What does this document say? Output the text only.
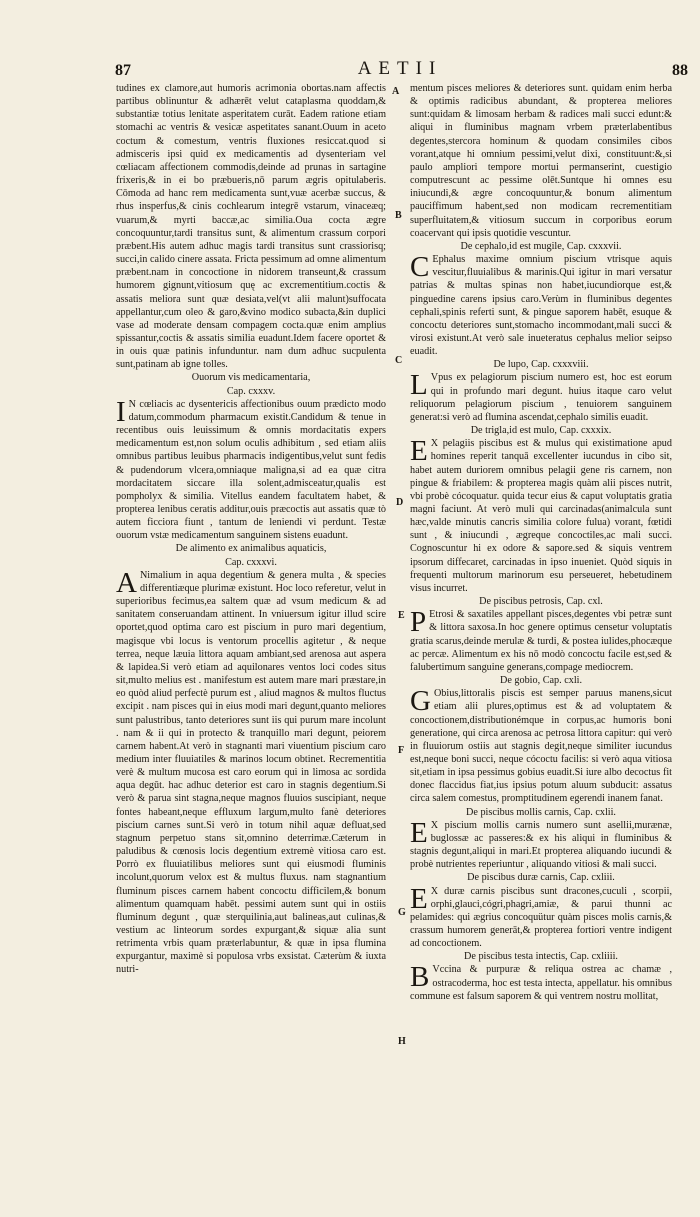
87	AETII	88
A
B
C
D
E
F
G
H

tudines ex clamore,aut humoris acrimonia obortas.nam affectis partibus oblinuntur & adhærēt velut cataplasma quoddam,& substantiæ totius lenitate asperitatem curāt. Eadem ratione etiam stomachi ac ventris & vesicæ aspetitates sanant.Ouum in aceto coctum & comestum, ventris fluxiones resiccat.quod si admisceris ipsi quid ex medicamentis ad dysenteriam vel cœliacam affectionem commodis,deinde ad prunas in sartagine frixeris,& in ei bo præbueris,nō parum ægris opitulaberis. Cōmoda ad hanc rem medicamenta sunt,vuæ acerbæ succus, & rhus insperfus,& cinis cochlearum integrē vstarum, vinaceæq; vuarum,& myrti baccæ,ac similia.Oua cocta ægre concoquuntur,tardi transitus sunt, & alimentum crassum corpori præbent.His autem adhuc magis tardi transitus sunt crassiorisq; succi,in calido cinere assata. Fricta pessimum ad omne alimentum præbent.nam in concoctione in nidorem transeunt,& crassum humorem gignunt,vitiosum quę ac excrementitium.coctis & assatis meliora sunt quæ desiata,vel(vt alii malunt)suffocata appellantur,cum oleo & garo,&vino modico subacta,&in duplici vase ad moderate densam compagem cocta.quæ enim amplius spissantur,coctis & assatis similia euadunt.Idem facere oportet & in ouis quæ patinis infunduntur. nam dum adhuc sucpulenta sunt,patinam ab igne tolles.

Ouorum vis medicamentaria,

Cap. cxxxv.

I N cœliacis ac dysentericis affectionibus ouum prædicto modo datum,commodum pharmacum existit.Candidum & tenue in recentibus ouis leuissimum & omnis mordacitatis expers medicamentum est,non solum oculis adhibitum , sed etiam aliis omnibus partibus leuibus pharmacis indigentibus,velut sunt fedis & pudendorum vlcera,omniaque maligna,si ad ea quæ citra mordacitatem siccare illa solent,admisceatur,qualis est pompholyx & similia. Vitellus eandem facultatem habet, & propterea lenibus ceratis additur,ouis præcoctis aut assatis quæ tò autem ficciora fiunt , tantum de leniendi vi perdunt. Testæ ouorum vstæ medicamentum sanguinem sistens euadunt.

De alimento ex animalibus aquaticis,

Cap. cxxxvi.

A Nimalium in aqua degentium & genera multa , & species differentiæque plurimæ existunt. Hoc loco referetur, velut in superioribus fecimus,ea saltem quæ ad vsum medicum & ad sanitatem conseruandam attinent. In vniuersum igitur illud scire oportet,quod optima caro est piscium in puro mari degentium, magisque vbi locus is ventorum procellis agitetur , & neque terrea, neque læuia littora aquam ambiant,sed arenosa aut aspera & lapidea.Si verò etiam ad aquilonares ventos loci codes situs sit,multo melius est . manifestum est autem mare mari præstare,in eo quòd aliud perfectè purum est , aliud magnos & multos fluctus excipit . nam pisces qui in eius modi mari degunt,quanto meliores sunt palustribus, tanto deteriores sunt iis qui purum mare incolunt . nam & ii qui in protecto & tranquillo mari degunt, peiorem carnem habent.At verò in stagnanti mari viuentium piscium caro medium inter fluuiatiles & marinos locum obtinet. Recrementitia verè & multum mucosa est caro eorum qui in limosa ac sordida aqua degūt. hac adhuc deterior est caro in stagnis degentium.Si verò & parua sint stagna,neque magnos fluuios suscipiant, neque fontes habeant,neque effluxum largum,multo fanè deteriores piscium carnes sunt.Si verò in totum nihil aquæ defluat,sed stagnum perpetuo stans sit,omnino deterrimæ.Cæterum in paludibus & cœnosis locis degentium extremè vitiosa caro est. Porrò ex fluuiatilibus meliores sunt qui eiusmodi fluminis incolunt,quorum velox est & multus fluxus. nam stagnantium fluminum pisces carnem habent concoctu difficilem,& bonum alimentum quamquam habēt. pessimi autem sunt qui in ostiis fluminum degunt , quæ sterquilinia,aut balineas,aut culinas,& vestium ac linteorum sordes expurgant,& siquæ alia sunt retrimenta vrbis quam præterlabuntur, & quæ in ipsa flumina expurgantur, maximè si populosa vrbs exsistat. Cæterùm & iuxta nutri-

mentum pisces meliores & deteriores sunt. quidam enim herba & optimis radicibus abundant, & propterea meliores sunt:quidam & limosam herbam & radices mali succi edunt:& aliqui in fluminibus magnam vrbem præterlabentibus degentes,stercora hominum & quodam consimiles cibos vorant,atque hi omnium pessimi,velut dixi, constituunt:&,si paulo ampliori tempore mortui permanserint, cuestigio computrescunt ac pessime olēt.Suntque hi omnes esu iniucundi,& ægre concoquuntur,& bonum alimentum pauciffimum habent,sed non modicam recrementitiam superfluitatem,& vitiosum succum in corporibus eorum coacervant qui ipsis quotidie vescuntur.

De cephalo,id est mugile, Cap. cxxxvii.

C Ephalus maxime omnium piscium vtrisque aquis vescitur,fluuialibus & marinis.Qui igitur in mari versatur patrias & multas spinas non habet,iucundiorque est,& pinguedine carens ipsius caro.Verùm in fluminibus degentes cephali,spinis referti sunt, & pingue saporem habēt, esuque & concoctu deteriores sunt,stomacho incommodant,mali succi & virosi existunt.At verò sale inueteratus cephalus melior seipso euadit.

De lupo, Cap. cxxxviii.

L Vpus ex pelagiorum piscium numero est, hoc est eorum qui in profundo mari degunt. huius itaque caro velut reliquorum pelagiorum piscium , tenuiorem sanguinem generat:si verò ad flumina ascendat,cephalo similis euadit.

De trigla,id est mulo, Cap. cxxxix.

E X pelagiis piscibus est & mulus qui existimatione apud homines reperit tanquā excellenter iucundus in cibo sit, habet autem duriorem omnibus pelagii gene ris carnem, non pingue & friabilem: & propterea magis quàm alii pisces nutrit, vbi probè cócoquatur. quida tecur eius & caput voluptatis gratia magni faciunt. At verò muli qui carcinadas(animalcula sunt hæc,valde minutis cancris similia colore fulua) vorant, fœtidi sunt , & iniucundi , ægreque concoctiles,ac mali succi. Cognoscuntur hi ex odore & sapore.sed & siquis ventrem ipsorum diffecaret, carcinadas in ipso inueniet. Quòd siquis in frequenti multorum marinorum esu perseueret, hebetudinem visus incurret.

De piscibus petrosis, Cap. cxl.

P Etrosi & saxatiles appellant pisces,degentes vbi petræ sunt & littora saxosa.In hoc genere optimus censetur voluptatis gratia scarus,deinde merulæ & turdi, & postea iulides,phocæque ac percæ. Alimentum ex his nō modò concoctu facile est,sed & falubertimum sanguine generans,compage mediocrem.

De gobio, Cap. cxli.

G Obius,littoralis piscis est semper paruus manens,sicut etiam alii plures,optimus est & ad voluptatem & concoctionem,distributionémque in corpus,ac humoris boni generatione, qui circa arenosa ac petrosa littora capitur: qui verò in fluuiorum ostiis aut stagnis degit,neque similiter iucundus est,neque boni succi, neque cócoctu facilis: si verò aqua vitiosa sit,etiam in ipsa pessimus gobius euadit.Si iure albo decoctus fit donec flaccidus fiat,ius ipsius potum aluum subducit: assatus circa salem comestus, promptitudinem egerendi inanem fanat.

De piscibus mollis carnis, Cap. cxlii.

E X piscium mollis carnis numero sunt asellii,murænæ, buglossæ ac passeres:& ex his aliqui in fluminibus & stagnis degunt,aliqui in mari.Et propterea aliquando iucundi & probè nutrientes reperiuntur , aliquando vitiosi & mali succi.

De piscibus duræ carnis, Cap. cxliii.

E X duræ carnis piscibus sunt dracones,cuculi , scorpii, orphi,glauci,cógri,phagri,amiæ, & parui thunni ac pelamides: qui ægrius concoquütur quàm pisces molis carnis,& crassum humorem generāt,& propterea fortiori ventre indigent ad concoctionem.

De piscibus testa intectis, Cap. cxliiii.

B Vccina & purpuræ & reliqua ostrea ac chamæ , ostracoderma, hoc est testa intecta, appellatur. his omnibus commune est falsum saporem & qui ventrem nostru mollitat,
